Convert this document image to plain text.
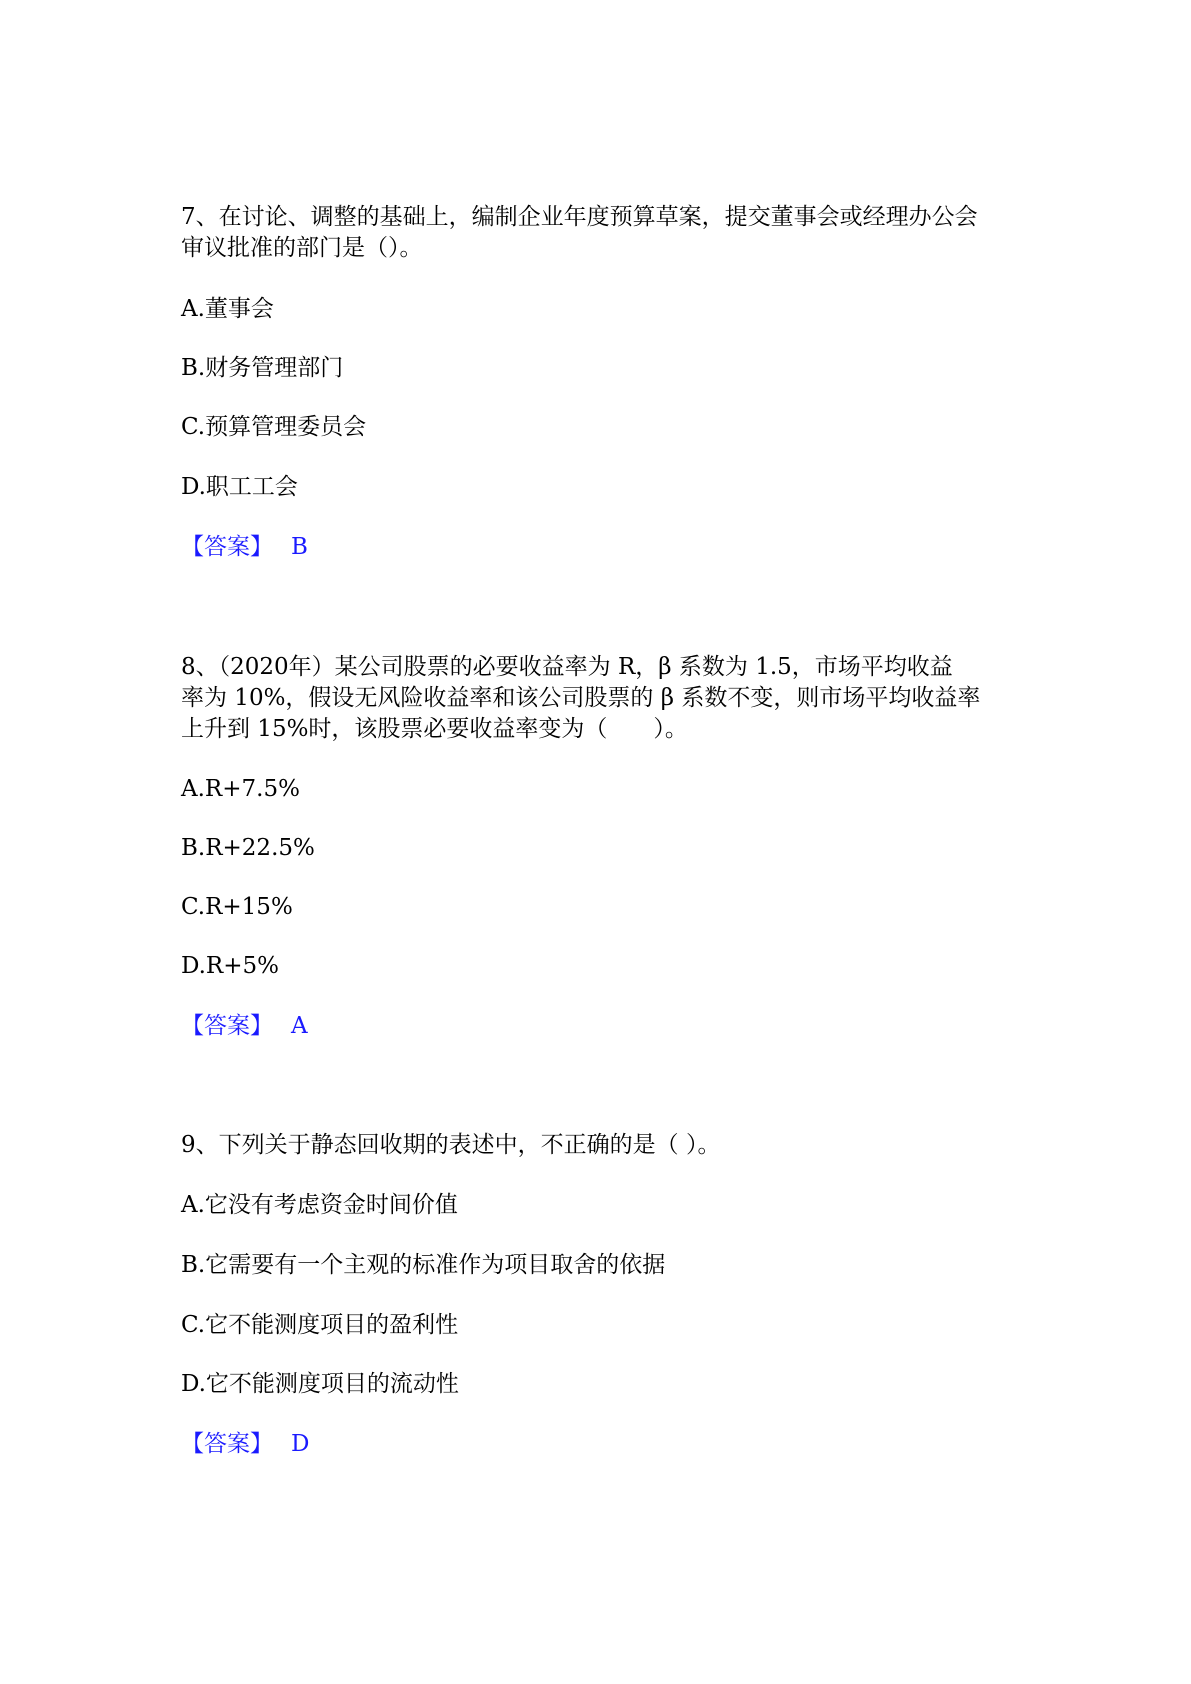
7、在讨论、调整的基础上，编制企业年度预算草案，提交董事会或经理办公会
审议批准的部门是（）。
A.董事会
B.财务管理部门
C.预算管理委员会
D.职工工会
【答案】 B
8、（2020年）某公司股票的必要收益率为 R，β 系数为 1.5，市场平均收益
率为 10%，假设无风险收益率和该公司股票的 β 系数不变，则市场平均收益率
上升到 15%时，该股票必要收益率变为（　　）。
A.R+7.5%
B.R+22.5%
C.R+15%
D.R+5%
【答案】 A
9、下列关于静态回收期的表述中，不正确的是（ ）。
A.它没有考虑资金时间价值
B.它需要有一个主观的标准作为项目取舍的依据
C.它不能测度项目的盈利性
D.它不能测度项目的流动性
【答案】 D
